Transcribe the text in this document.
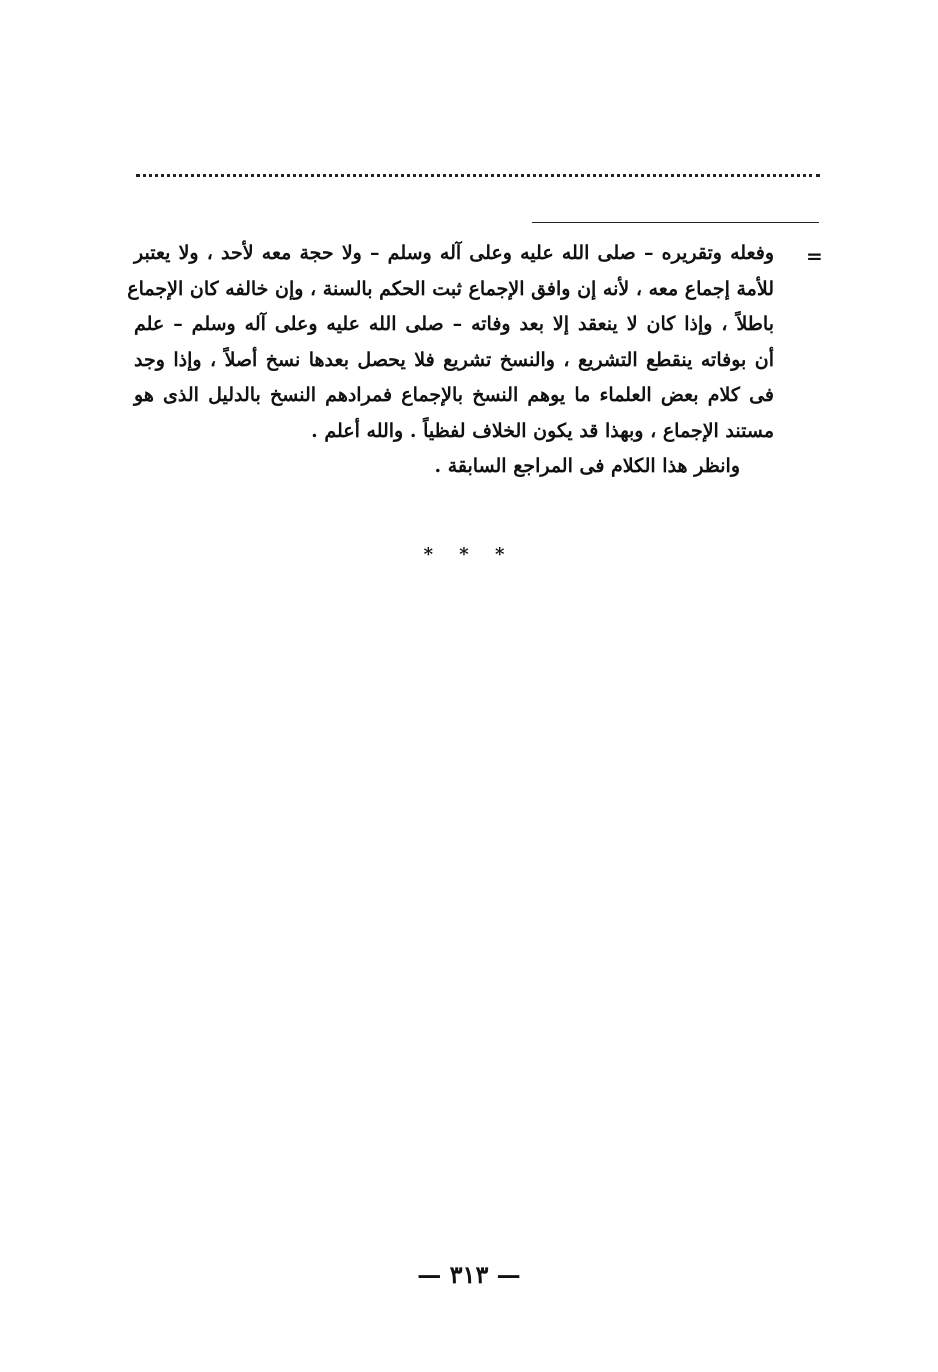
=
وفعله وتقريره – صلى الله عليه وعلى آله وسلم – ولا حجة معه لأحد ، ولا يعتبر
للأمة إجماع معه ، لأنه إن وافق الإجماع ثبت الحكم بالسنة ، وإن خالفه كان الإجماع
باطلاً ، وإذا كان لا ينعقد إلا بعد وفاته – صلى الله عليه وعلى آله وسلم – علم
أن بوفاته ينقطع التشريع ، والنسخ تشريع فلا يحصل بعدها نسخ أصلاً ، وإذا وجد
فى كلام بعض العلماء ما يوهم النسخ بالإجماع فمرادهم النسخ بالدليل الذى هو
مستند الإجماع ، وبهذا قد يكون الخلاف لفظياً . والله أعلم .
وانظر هذا الكلام فى المراجع السابقة .
* * *
— ٣١٣ —
